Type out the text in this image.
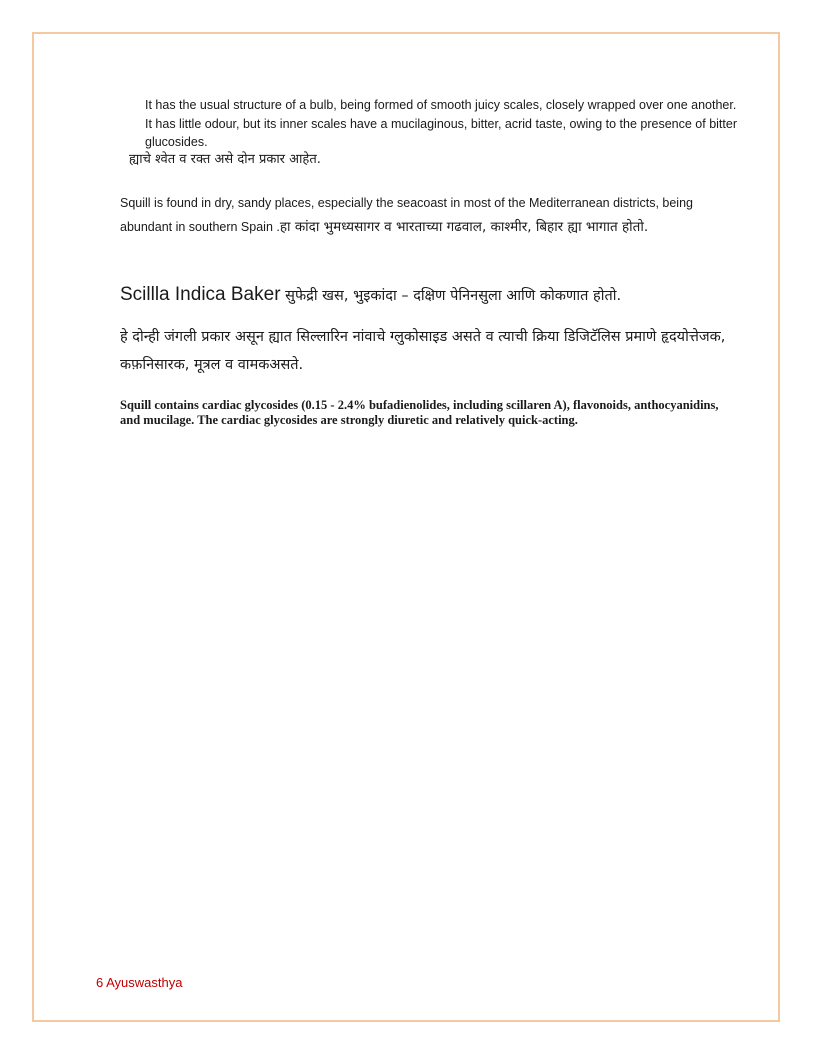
It has the usual structure of a bulb, being formed of smooth juicy scales, closely wrapped over one another. It has little odour, but its inner scales have a mucilaginous, bitter, acrid taste, owing to the presence of bitter glucosides.

ह्याचे श्वेत व रक्त असे दोन प्रकार आहेत.

Squill is found in dry, sandy places, especially the seacoast in most of the Mediterranean districts, being abundant in southern Spain .हा कांदा भुमध्यसागर व भारताच्या गढवाल, काश्मीर, बिहार ह्या भागात होतो.

Scillla Indica Baker सुफेद्री खस, भुइकांदा – दक्षिण पेनिनसुला आणि कोकणात होतो.

हे दोन्ही जंगली प्रकार असून ह्यात सिल्लारिन नांवाचे ग्लुकोसाइड असते व त्याची क्रिया डिजिटॅलिस प्रमाणे हृदयोत्तेजक, कफ़निसारक, मूत्रल व वामकअसते.

Squill contains cardiac glycosides (0.15 - 2.4% bufadienolides, including scillaren A), flavonoids, anthocyanidins, and mucilage. The cardiac glycosides are strongly diuretic and relatively quick-acting.

6 Ayuswasthya
